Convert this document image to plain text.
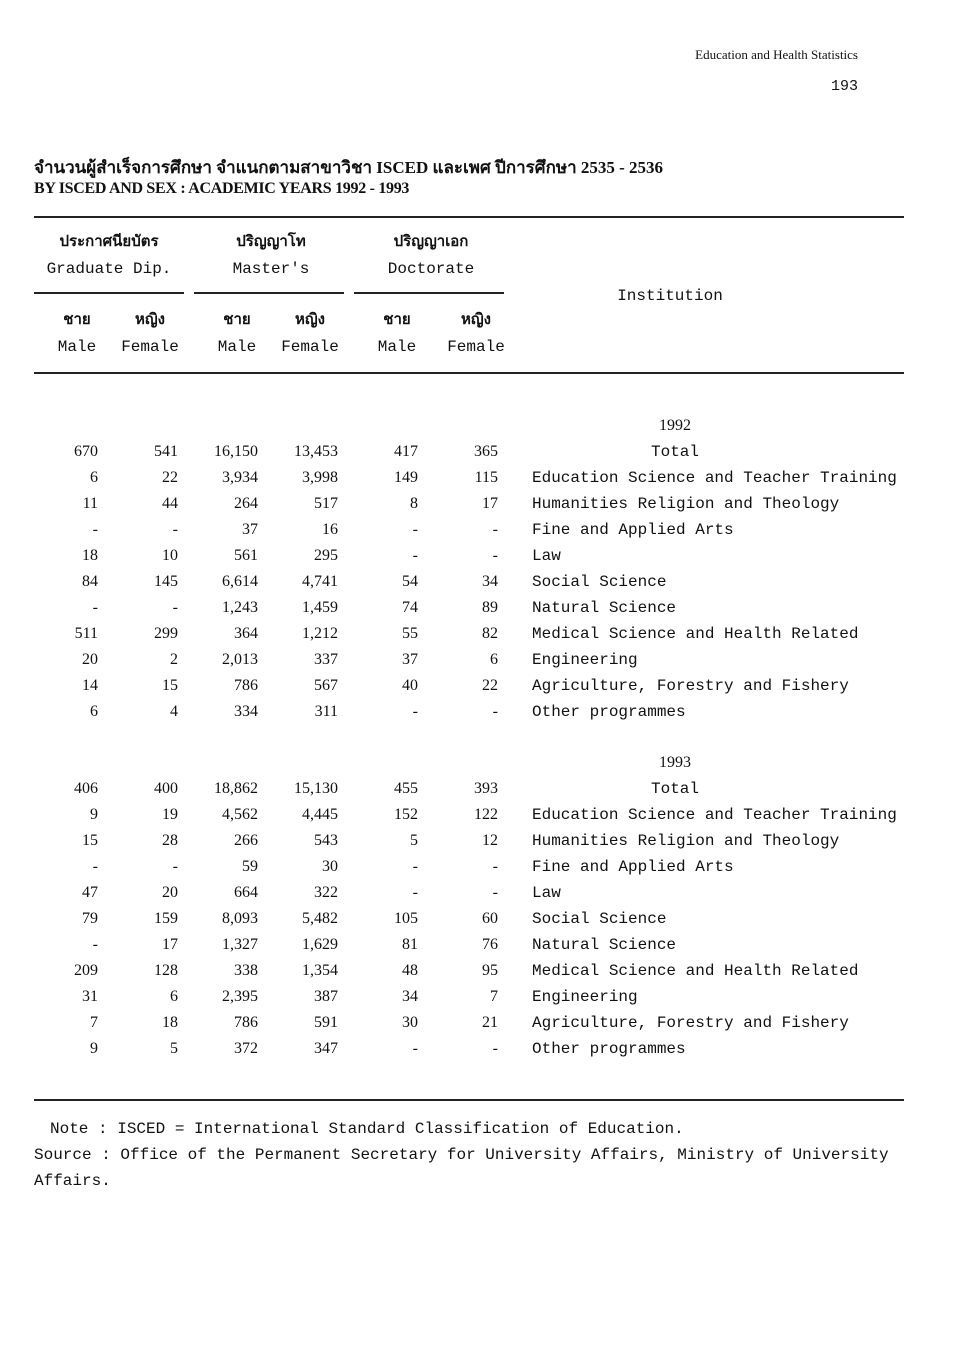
Education and Health Statistics
193
จำนวนผู้สำเร็จการศึกษา จำแนกตามสาขาวิชา ISCED และเพศ ปีการศึกษา 2535 - 2536
BY ISCED AND SEX : ACADEMIC YEARS 1992 - 1993
ประกาศนียบัตร
Graduate Dip.
ปริญญาโท
Master's
ปริญญาเอก
Doctorate
Institution
ชาย
Male
หญิง
Female
ชาย
Male
หญิง
Female
ชาย
Male
หญิง
Female
1992
670	541	16,150	13,453	417	365	Total
6	22	3,934	3,998	149	115 Education Science and Teacher Training
11	44	264	517	8	17 Humanities Religion and Theology
-	-	37	16	-	- Fine and Applied Arts
18	10	561	295	-	- Law
84	145	6,614	4,741	54	34 Social Science
-	-	1,243	1,459	74	89 Natural Science
511	299	364	1,212	55	82 Medical Science and Health Related
20	2	2,013	337	37	6 Engineering
14	15	786	567	40	22 Agriculture, Forestry and Fishery
6	4	334	311	-	- Other programmes
1993
406	400	18,862	15,130	455	393	Total
9	19	4,562	4,445	152	122 Education Science and Teacher Training
15	28	266	543	5	12 Humanities Religion and Theology
-	-	59	30	-	- Fine and Applied Arts
47	20	664	322	-	- Law
79	159	8,093	5,482	105	60 Social Science
-	17	1,327	1,629	81	76 Natural Science
209	128	338	1,354	48	95 Medical Science and Health Related
31	6	2,395	387	34	7 Engineering
7	18	786	591	30	21 Agriculture, Forestry and Fishery
9	5	372	347	-	- Other programmes
Note : ISCED = International Standard Classification of Education.
Source : Office of the Permanent Secretary for University Affairs, Ministry of University Affairs.
